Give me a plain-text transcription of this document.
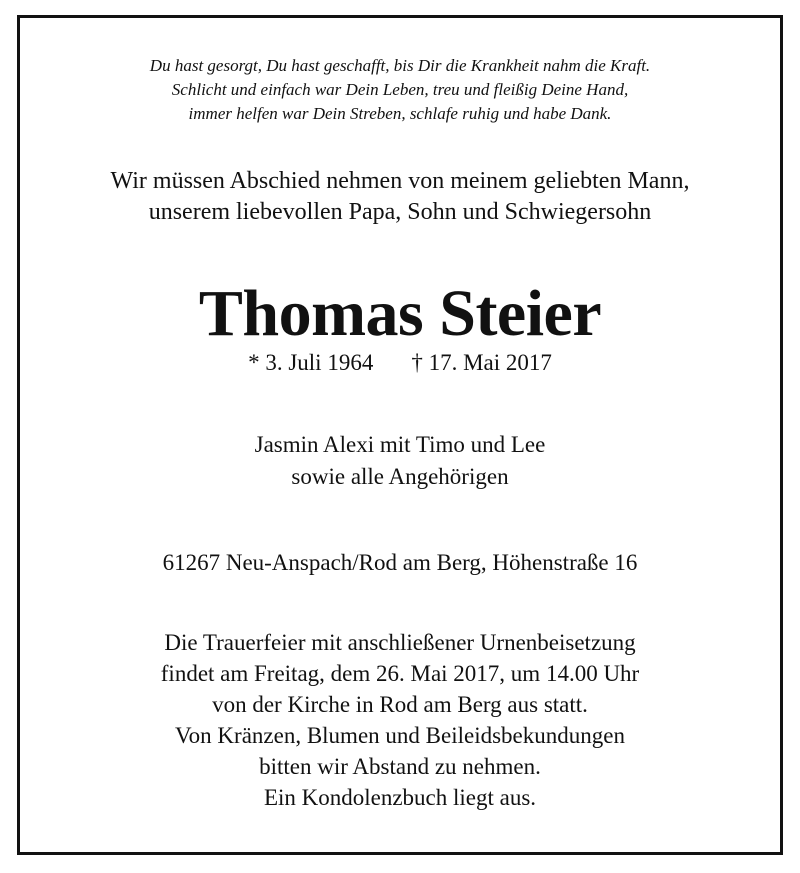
Du hast gesorgt, Du hast geschafft, bis Dir die Krankheit nahm die Kraft.
Schlicht und einfach war Dein Leben, treu und fleißig Deine Hand,
immer helfen war Dein Streben, schlafe ruhig und habe Dank.
Wir müssen Abschied nehmen von meinem geliebten Mann,
unserem liebevollen Papa, Sohn und Schwiegersohn
Thomas Steier
* 3. Juli 1964 † 17. Mai 2017
Jasmin Alexi mit Timo und Lee
sowie alle Angehörigen
61267 Neu-Anspach/Rod am Berg, Höhenstraße 16
Die Trauerfeier mit anschließener Urnenbeisetzung
findet am Freitag, dem 26. Mai 2017, um 14.00 Uhr
von der Kirche in Rod am Berg aus statt.
Von Kränzen, Blumen und Beileidsbekundungen
bitten wir Abstand zu nehmen.
Ein Kondolenzbuch liegt aus.
